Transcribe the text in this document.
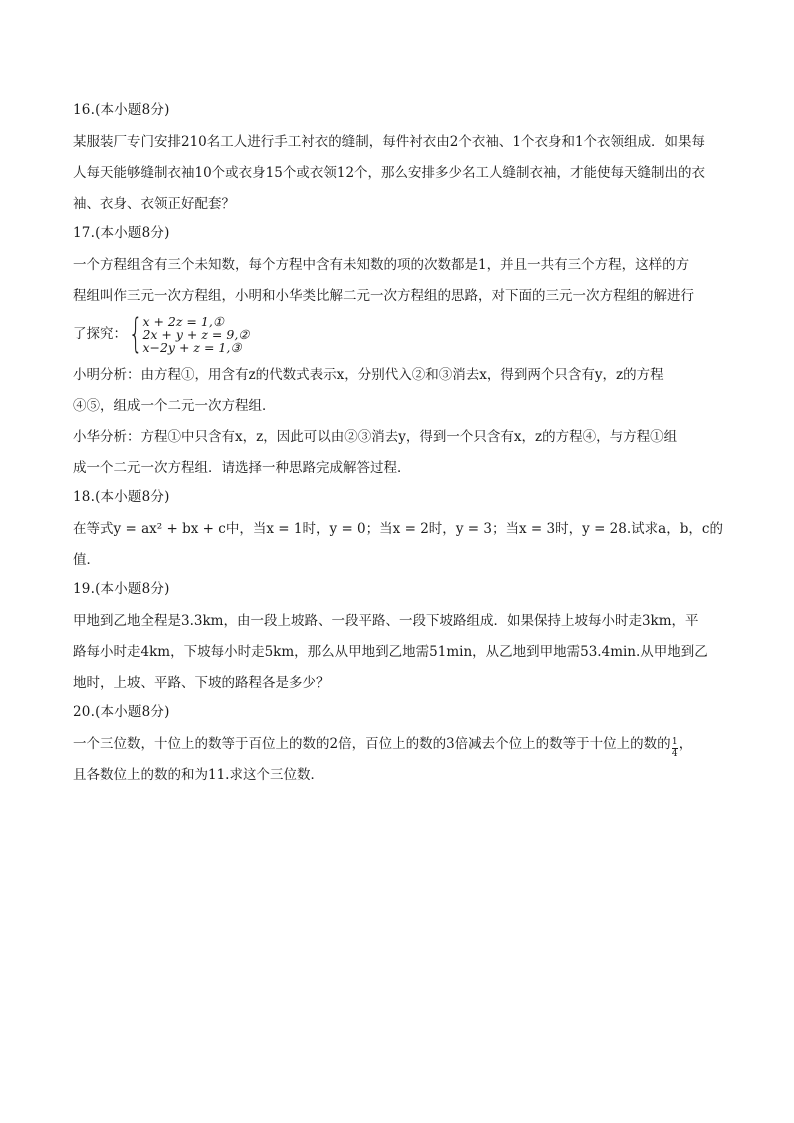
16.(本小题8分)

某服装厂专门安排210名工人进行手工衬衣的缝制，每件衬衣由2个衣袖、1个衣身和1个衣领组成．如果每

人每天能够缝制衣袖10个或衣身15个或衣领12个，那么安排多少名工人缝制衣袖，才能使每天缝制出的衣

袖、衣身、衣领正好配套？

17.(本小题8分)

一个方程组含有三个未知数，每个方程中含有未知数的项的次数都是1，并且一共有三个方程，这样的方

程组叫作三元一次方程组，小明和小华类比解二元一次方程组的思路，对下面的三元一次方程组的解进行

了探究： { x + 2z = 1,①
2x + y + z = 9,②
x−2y + z = 1,③

小明分析：由方程①，用含有z的代数式表示x，分别代入②和③消去x，得到两个只含有y，z的方程

④⑤，组成一个二元一次方程组．

小华分析：方程①中只含有x，z，因此可以由②③消去y，得到一个只含有x，z的方程④，与方程①组

成一个二元一次方程组．请选择一种思路完成解答过程．

18.(本小题8分)

在等式y = ax² + bx + c中，当x = 1时，y = 0；当x = 2时，y = 3；当x = 3时，y = 28.试求a，b，c的值．

19.(本小题8分)

甲地到乙地全程是3.3km，由一段上坡路、一段平路、一段下坡路组成．如果保持上坡每小时走3km，平

路每小时走4km，下坡每小时走5km，那么从甲地到乙地需51min，从乙地到甲地需53.4min.从甲地到乙

地时，上坡、平路、下坡的路程各是多少？

20.(本小题8分)

一个三位数，十位上的数等于百位上的数的2倍，百位上的数的3倍减去个位上的数等于十位上的数的 $\frac{1}{4}$ ，

且各数位上的数的和为11.求这个三位数．
